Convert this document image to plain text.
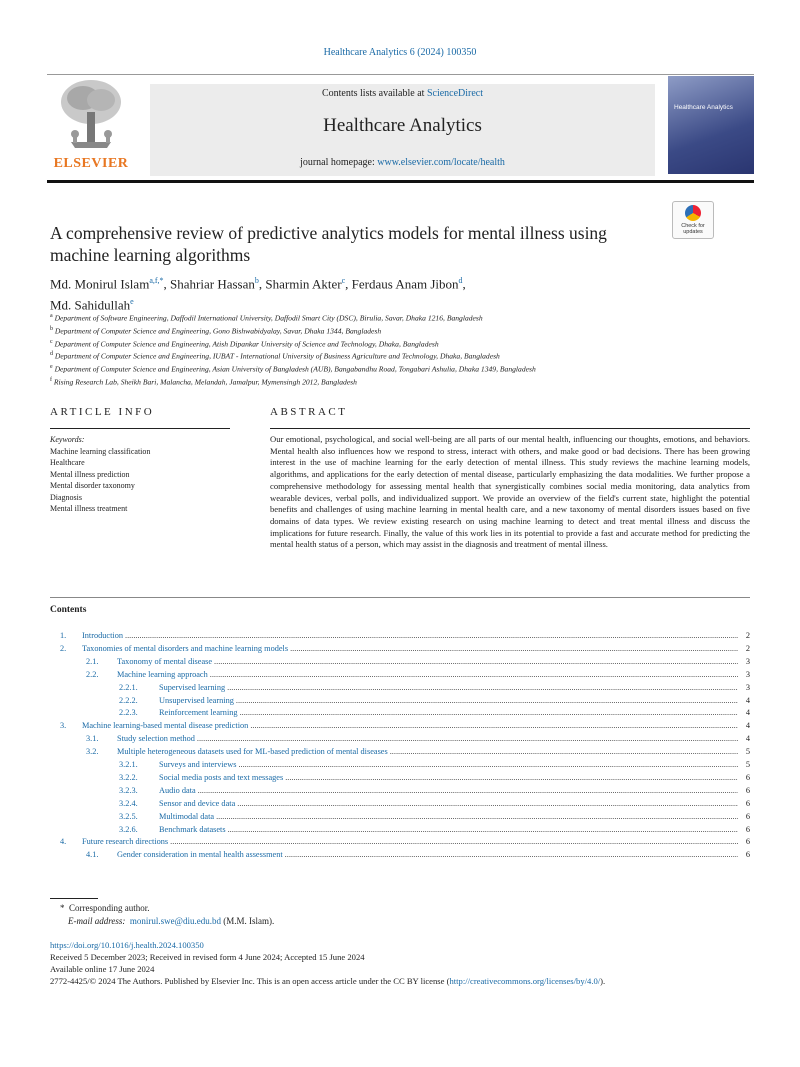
Healthcare Analytics 6 (2024) 100350
ELSEVIER
Contents lists available at ScienceDirect
Healthcare Analytics
journal homepage: www.elsevier.com/locate/health
Healthcare Analytics
Check for updates
A comprehensive review of predictive analytics models for mental illness using machine learning algorithms
Md. Monirul Islam$^{a,f,*}$, Shahriar Hassan$^b$, Sharmin Akter$^c$, Ferdaus Anam Jibon$^d$,
Md. Sahidullah$^e$
$^a$ Department of Software Engineering, Daffodil International University, Daffodil Smart City (DSC), Birulia, Savar, Dhaka 1216, Bangladesh
$^b$ Department of Computer Science and Engineering, Gono Bishwabidyalay, Savar, Dhaka 1344, Bangladesh
$^c$ Department of Computer Science and Engineering, Atish Dipankar University of Science and Technology, Dhaka, Bangladesh
$^d$ Department of Computer Science and Engineering, IUBAT - International University of Business Agriculture and Technology, Dhaka, Bangladesh
$^e$ Department of Computer Science and Engineering, Asian University of Bangladesh (AUB), Bangabandhu Road, Tongabari Ashulia, Dhaka 1349, Bangladesh
$^f$ Rising Research Lab, Sheikh Bari, Malancha, Melandah, Jamalpur, Mymensingh 2012, Bangladesh
ARTICLE INFO	ABSTRACT
Keywords:
Machine learning classification
Healthcare
Mental illness prediction
Mental disorder taxonomy
Diagnosis
Mental illness treatment
Our emotional, psychological, and social well-being are all parts of our mental health, influencing our thoughts, emotions, and behaviors. Mental health also influences how we respond to stress, interact with others, and make good or bad decisions. There has been growing interest in the use of machine learning for the early detection of mental illness. This study reviews the machine learning models, algorithms, and applications for the early detection of mental disease, particularly emphasizing the data modalities. We further propose a comprehensive methodology for assessing mental health that synergistically combines social media monitoring, data analytics from wearable devices, verbal polls, and individualized support. We provide an overview of the field's current state, highlight the potential benefits and challenges of using machine learning in mental health care, and a new taxonomy of mental disorders issues based on five domains of data types. We review existing research on using machine learning to detect and treat mental illness and discuss the implications for future research. Finally, the value of this work lies in its potential to provide a fast and accurate method for predicting the mental health status of a person, which may assist in the diagnosis and treatment of mental illness.
Contents
1. Introduction .....	2
2. Taxonomies of mental disorders and machine learning models .....	2
2.1. Taxonomy of mental disease .....	3
2.2. Machine learning approach .....	3
2.2.1.	Supervised learning .....	3
2.2.2.	Unsupervised learning .....	4
2.2.3.	Reinforcement learning .....	4
3. Machine learning-based mental disease prediction .....	4
3.1. Study selection method .....	4
3.2. Multiple heterogeneous datasets used for ML-based prediction of mental diseases .....	5
3.2.1.	Surveys and interviews .....	5
3.2.2.	Social media posts and text messages .....	6
3.2.3.	Audio data .....	6
3.2.4.	Sensor and device data .....	6
3.2.5.	Multimodal data .....	6
3.2.6.	Benchmark datasets .....	6
4. Future research directions .....	6
4.1. Gender consideration in mental health assessment .....	6
* Corresponding author.
E-mail address: monirul.swe@diu.edu.bd (M.M. Islam).
https://doi.org/10.1016/j.health.2024.100350
Received 5 December 2023; Received in revised form 4 June 2024; Accepted 15 June 2024
Available online 17 June 2024
2772-4425/© 2024 The Authors. Published by Elsevier Inc. This is an open access article under the CC BY license (http://creativecommons.org/licenses/by/4.0/).
